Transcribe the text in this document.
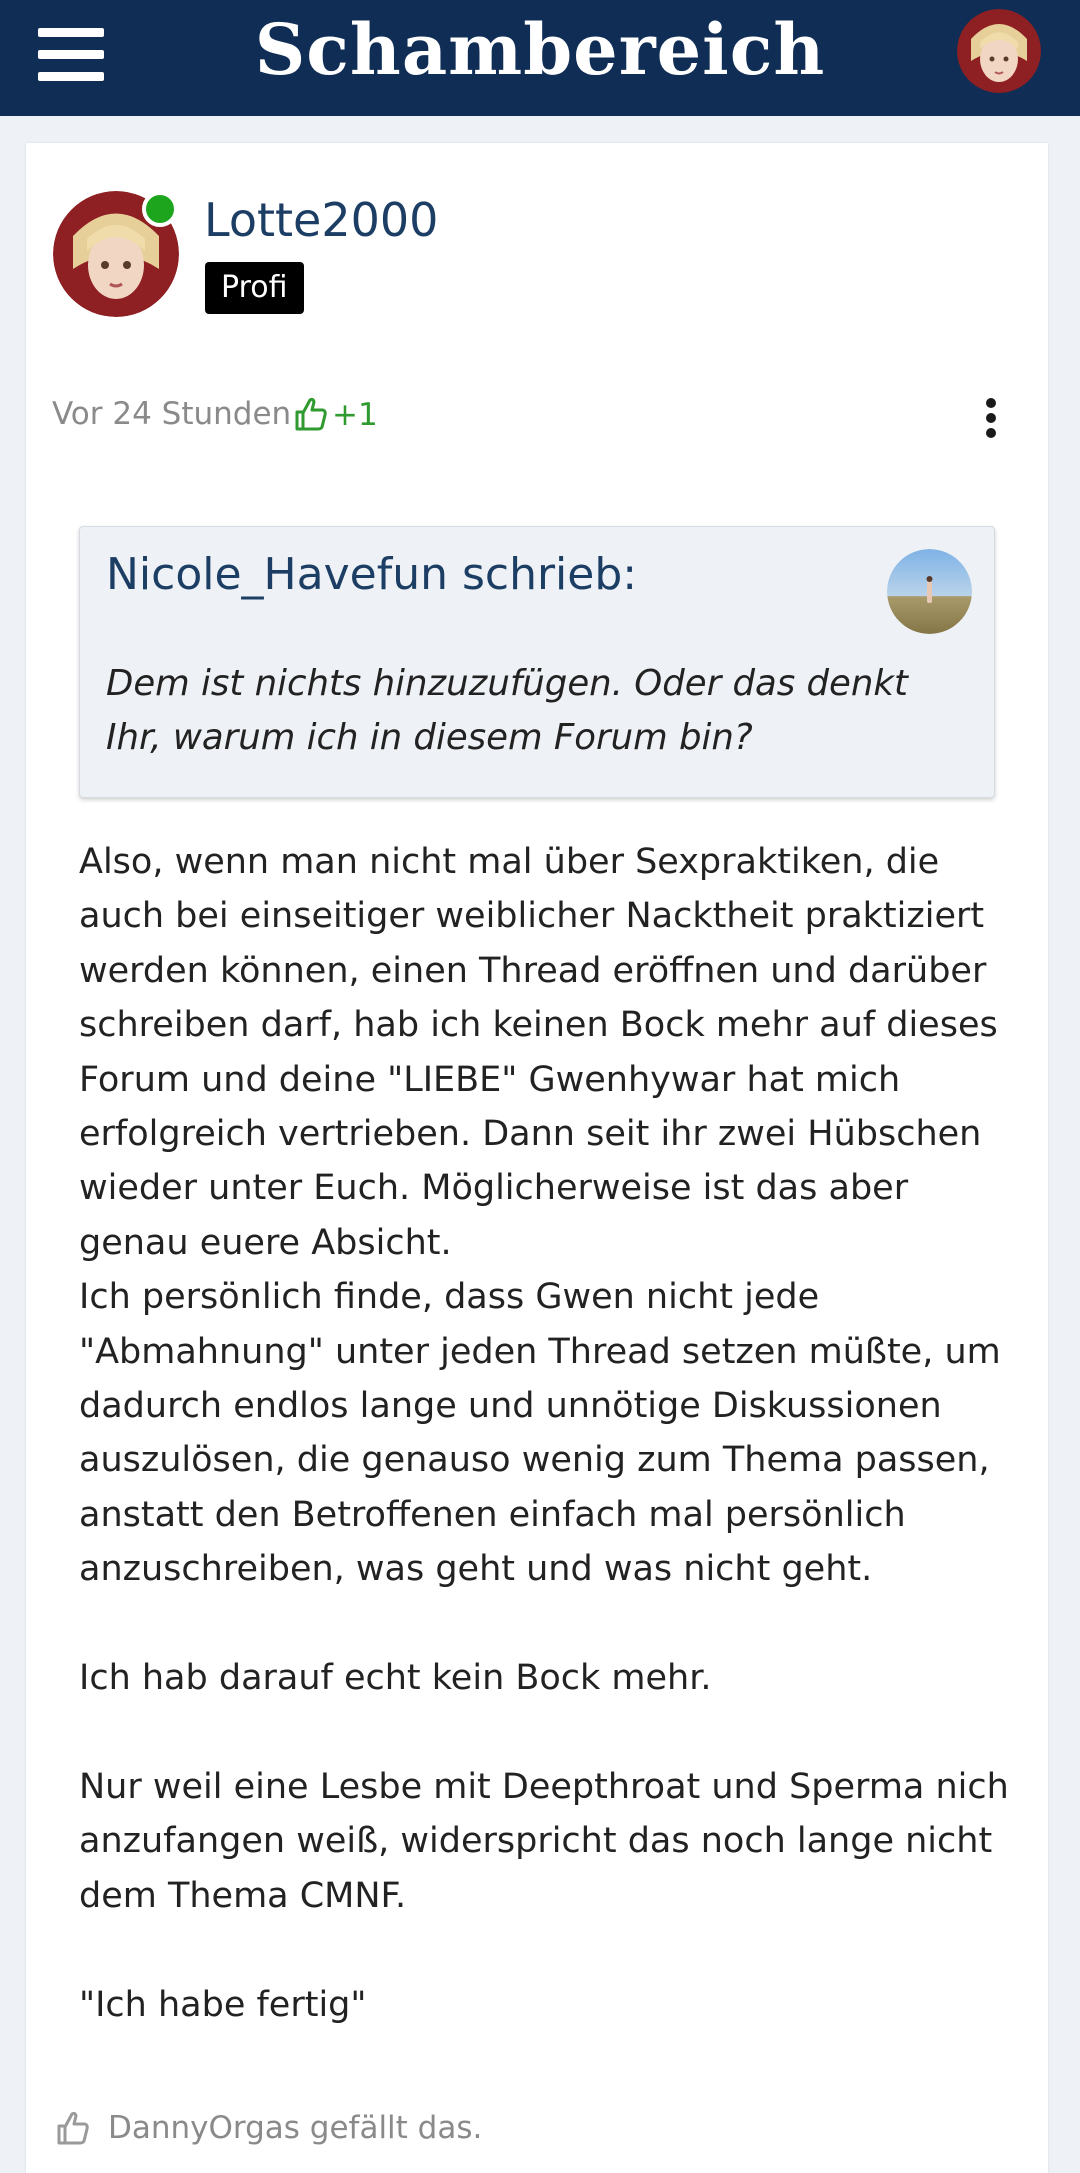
Schambereich
Lotte2000
Profi
Vor 24 Stunden +1
Nicole_Havefun schrieb:
Dem ist nichts hinzuzufügen. Oder das denkt Ihr, warum ich in diesem Forum bin?

Also, wenn man nicht mal über Sexpraktiken, die auch bei einseitiger weiblicher Nacktheit praktiziert werden können, einen Thread eröffnen und darüber schreiben darf, hab ich keinen Bock mehr auf dieses Forum und deine "LIEBE" Gwenhywar hat mich erfolgreich vertrieben. Dann seit ihr zwei Hübschen wieder unter Euch. Möglicherweise ist das aber genau euere Absicht.
Ich persönlich finde, dass Gwen nicht jede "Abmahnung" unter jeden Thread setzen müßte, um dadurch endlos lange und unnötige Diskussionen auszulösen, die genauso wenig zum Thema passen, anstatt den Betroffenen einfach mal persönlich anzuschreiben, was geht und was nicht geht.

Ich hab darauf echt kein Bock mehr.

Nur weil eine Lesbe mit Deepthroat und Sperma nich anzufangen weiß, widerspricht das noch lange nicht dem Thema CMNF.

"Ich habe fertig"

DannyOrgas gefällt das.
